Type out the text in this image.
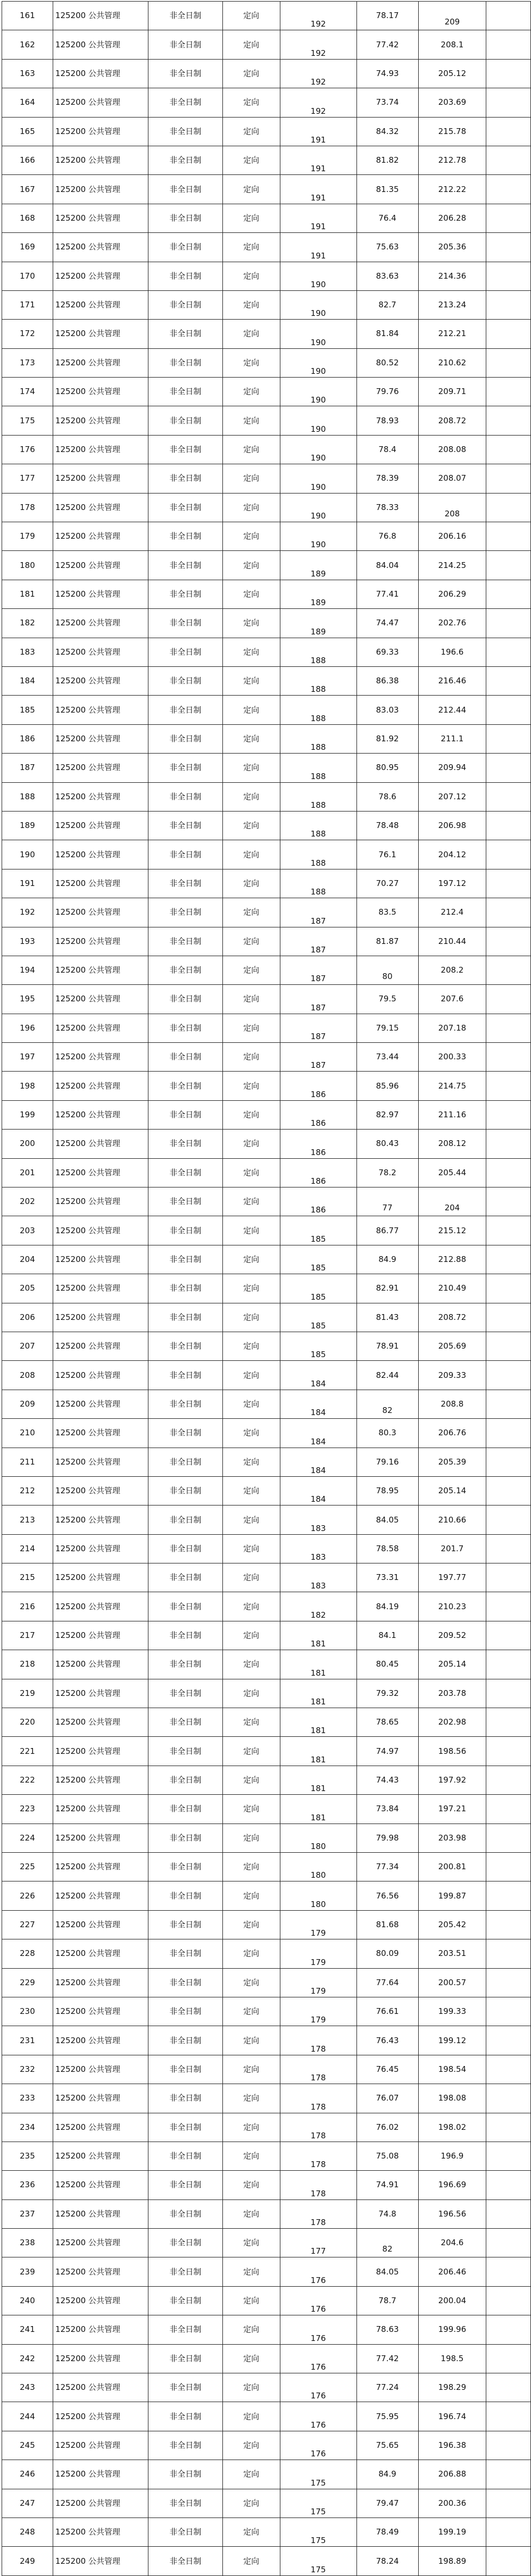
161	125200 公共管理	非全日制	定向	192	78.17	209	
162	125200 公共管理	非全日制	定向	192	77.42	208.1	
163	125200 公共管理	非全日制	定向	192	74.93	205.12	
164	125200 公共管理	非全日制	定向	192	73.74	203.69	
165	125200 公共管理	非全日制	定向	191	84.32	215.78	
166	125200 公共管理	非全日制	定向	191	81.82	212.78	
167	125200 公共管理	非全日制	定向	191	81.35	212.22	
168	125200 公共管理	非全日制	定向	191	76.4	206.28	
169	125200 公共管理	非全日制	定向	191	75.63	205.36	
170	125200 公共管理	非全日制	定向	190	83.63	214.36	
171	125200 公共管理	非全日制	定向	190	82.7	213.24	
172	125200 公共管理	非全日制	定向	190	81.84	212.21	
173	125200 公共管理	非全日制	定向	190	80.52	210.62	
174	125200 公共管理	非全日制	定向	190	79.76	209.71	
175	125200 公共管理	非全日制	定向	190	78.93	208.72	
176	125200 公共管理	非全日制	定向	190	78.4	208.08	
177	125200 公共管理	非全日制	定向	190	78.39	208.07	
178	125200 公共管理	非全日制	定向	190	78.33	208	
179	125200 公共管理	非全日制	定向	190	76.8	206.16	
180	125200 公共管理	非全日制	定向	189	84.04	214.25	
181	125200 公共管理	非全日制	定向	189	77.41	206.29	
182	125200 公共管理	非全日制	定向	189	74.47	202.76	
183	125200 公共管理	非全日制	定向	188	69.33	196.6	
184	125200 公共管理	非全日制	定向	188	86.38	216.46	
185	125200 公共管理	非全日制	定向	188	83.03	212.44	
186	125200 公共管理	非全日制	定向	188	81.92	211.1	
187	125200 公共管理	非全日制	定向	188	80.95	209.94	
188	125200 公共管理	非全日制	定向	188	78.6	207.12	
189	125200 公共管理	非全日制	定向	188	78.48	206.98	
190	125200 公共管理	非全日制	定向	188	76.1	204.12	
191	125200 公共管理	非全日制	定向	188	70.27	197.12	
192	125200 公共管理	非全日制	定向	187	83.5	212.4	
193	125200 公共管理	非全日制	定向	187	81.87	210.44	
194	125200 公共管理	非全日制	定向	187	80	208.2	
195	125200 公共管理	非全日制	定向	187	79.5	207.6	
196	125200 公共管理	非全日制	定向	187	79.15	207.18	
197	125200 公共管理	非全日制	定向	187	73.44	200.33	
198	125200 公共管理	非全日制	定向	186	85.96	214.75	
199	125200 公共管理	非全日制	定向	186	82.97	211.16	
200	125200 公共管理	非全日制	定向	186	80.43	208.12	
201	125200 公共管理	非全日制	定向	186	78.2	205.44	
202	125200 公共管理	非全日制	定向	186	77	204	
203	125200 公共管理	非全日制	定向	185	86.77	215.12	
204	125200 公共管理	非全日制	定向	185	84.9	212.88	
205	125200 公共管理	非全日制	定向	185	82.91	210.49	
206	125200 公共管理	非全日制	定向	185	81.43	208.72	
207	125200 公共管理	非全日制	定向	185	78.91	205.69	
208	125200 公共管理	非全日制	定向	184	82.44	209.33	
209	125200 公共管理	非全日制	定向	184	82	208.8	
210	125200 公共管理	非全日制	定向	184	80.3	206.76	
211	125200 公共管理	非全日制	定向	184	79.16	205.39	
212	125200 公共管理	非全日制	定向	184	78.95	205.14	
213	125200 公共管理	非全日制	定向	183	84.05	210.66	
214	125200 公共管理	非全日制	定向	183	78.58	201.7	
215	125200 公共管理	非全日制	定向	183	73.31	197.77	
216	125200 公共管理	非全日制	定向	182	84.19	210.23	
217	125200 公共管理	非全日制	定向	181	84.1	209.52	
218	125200 公共管理	非全日制	定向	181	80.45	205.14	
219	125200 公共管理	非全日制	定向	181	79.32	203.78	
220	125200 公共管理	非全日制	定向	181	78.65	202.98	
221	125200 公共管理	非全日制	定向	181	74.97	198.56	
222	125200 公共管理	非全日制	定向	181	74.43	197.92	
223	125200 公共管理	非全日制	定向	181	73.84	197.21	
224	125200 公共管理	非全日制	定向	180	79.98	203.98	
225	125200 公共管理	非全日制	定向	180	77.34	200.81	
226	125200 公共管理	非全日制	定向	180	76.56	199.87	
227	125200 公共管理	非全日制	定向	179	81.68	205.42	
228	125200 公共管理	非全日制	定向	179	80.09	203.51	
229	125200 公共管理	非全日制	定向	179	77.64	200.57	
230	125200 公共管理	非全日制	定向	179	76.61	199.33	
231	125200 公共管理	非全日制	定向	178	76.43	199.12	
232	125200 公共管理	非全日制	定向	178	76.45	198.54	
233	125200 公共管理	非全日制	定向	178	76.07	198.08	
234	125200 公共管理	非全日制	定向	178	76.02	198.02	
235	125200 公共管理	非全日制	定向	178	75.08	196.9	
236	125200 公共管理	非全日制	定向	178	74.91	196.69	
237	125200 公共管理	非全日制	定向	178	74.8	196.56	
238	125200 公共管理	非全日制	定向	177	82	204.6	
239	125200 公共管理	非全日制	定向	176	84.05	206.46	
240	125200 公共管理	非全日制	定向	176	78.7	200.04	
241	125200 公共管理	非全日制	定向	176	78.63	199.96	
242	125200 公共管理	非全日制	定向	176	77.42	198.5	
243	125200 公共管理	非全日制	定向	176	77.24	198.29	
244	125200 公共管理	非全日制	定向	176	75.95	196.74	
245	125200 公共管理	非全日制	定向	176	75.65	196.38	
246	125200 公共管理	非全日制	定向	175	84.9	206.88	
247	125200 公共管理	非全日制	定向	175	79.47	200.36	
248	125200 公共管理	非全日制	定向	175	78.49	199.19	
249	125200 公共管理	非全日制	定向	175	78.24	198.89	
